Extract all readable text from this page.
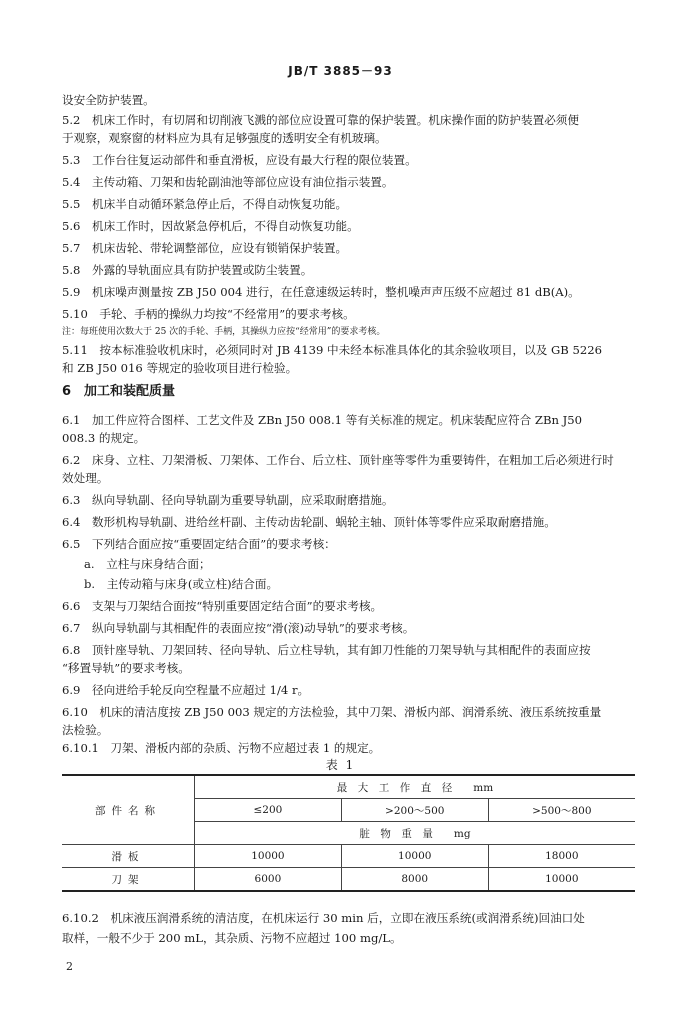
JB/T 3885－93
设安全防护装置。
5.2　机床工作时，有切屑和切削液飞溅的部位应设置可靠的保护装置。机床操作面的防护装置必须便
于观察，观察窗的材料应为具有足够强度的透明安全有机玻璃。
5.3　工作台往复运动部件和垂直滑板，应设有最大行程的限位装置。
5.4　主传动箱、刀架和齿轮副油池等部位应设有油位指示装置。
5.5　机床半自动循环紧急停止后，不得自动恢复功能。
5.6　机床工作时，因故紧急停机后，不得自动恢复功能。
5.7　机床齿轮、带轮调整部位，应设有锁销保护装置。
5.8　外露的导轨面应具有防护装置或防尘装置。
5.9　机床噪声测量按 ZB J50 004 进行，在任意速级运转时，整机噪声声压级不应超过 81 dB(A)。
5.10　手轮、手柄的操纵力均按“不经常用”的要求考核。
注：每班使用次数大于 25 次的手轮、手柄，其操纵力应按“经常用”的要求考核。
5.11　按本标准验收机床时，必须同时对 JB 4139 中未经本标准具体化的其余验收项目，以及 GB 5226
和 ZB J50 016 等规定的验收项目进行检验。
6　加工和装配质量
6.1　加工件应符合图样、工艺文件及 ZBn J50 008.1 等有关标准的规定。机床装配应符合 ZBn J50
008.3 的规定。
6.2　床身、立柱、刀架滑板、刀架体、工作台、后立柱、顶针座等零件为重要铸件，在粗加工后必须进行时
效处理。
6.3　纵向导轨副、径向导轨副为重要导轨副，应采取耐磨措施。
6.4　数形机构导轨副、进给丝杆副、主传动齿轮副、蜗轮主轴、顶针体等零件应采取耐磨措施。
6.5　下列结合面应按“重要固定结合面”的要求考核：
a.　立柱与床身结合面；
b.　主传动箱与床身(或立柱)结合面。
6.6　支架与刀架结合面按“特别重要固定结合面”的要求考核。
6.7　纵向导轨副与其相配件的表面应按“滑(滚)动导轨”的要求考核。
6.8　顶针座导轨、刀架回转、径向导轨、后立柱导轨，其有卸刀性能的刀架导轨与其相配件的表面应按
“移置导轨”的要求考核。
6.9　径向进给手轮反向空程量不应超过 1/4 r。
6.10　机床的清洁度按 ZB J50 003 规定的方法检验，其中刀架、滑板内部、润滑系统、液压系统按重量
法检验。
6.10.1　刀架、滑板内部的杂质、污物不应超过表 1 的规定。
表 1
部件名称	最　大　工　作　直　径　　mm		
	≤200	>200～500	>500～800
	脏　物　重　量　　mg		
滑板	10000	10000	18000
刀架	6000	8000	10000
6.10.2　机床液压润滑系统的清洁度，在机床运行 30 min 后，立即在液压系统(或润滑系统)回油口处
取样，一般不少于 200 mL，其杂质、污物不应超过 100 mg/L。
2
